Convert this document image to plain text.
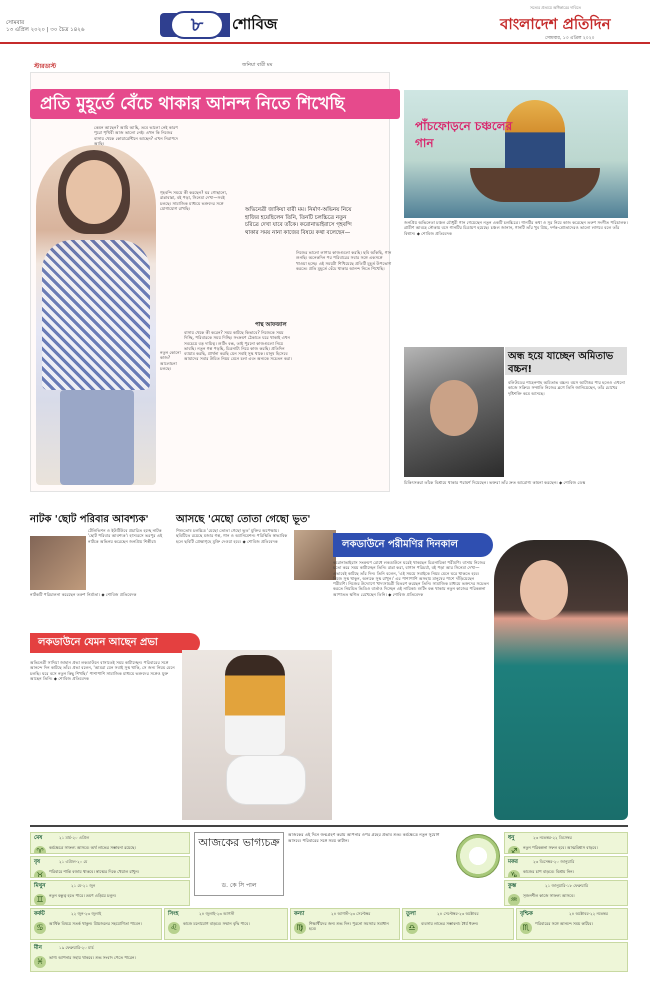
সোমবার
১৩ এপ্রিল ২০২০ | ৩০ চৈত্র ১৪২৬	৮	শোবিজ
সত্যের প্রত্যয়ে অধিকারের দাবিতে
বাংলাদেশ প্রতিদিন
সোমবার, ১৩ এপ্রিল ২০২০
স্টারডাস্ট	জনিয়া বারী মম
প্রতি মুহূর্তে বেঁচে থাকার আনন্দ নিতে শিখেছি
কেমন আছেন? আমি আছি, তবে ভালো নেই কারণ পুরো পৃথিবী আজ ভালো নেই। এখন কি নিজের বাসায় থেকে কোয়ারেন্টিনে আছেন? এখন নিরাপদে আছি।
গৃহবন্দি সময়ে কী করছেন? ঘর গোছানো, রান্নাবান্না, বই পড়া, সিনেমা দেখা—সবই চলছে। সামাজিক মাধ্যমে ভক্তদের সঙ্গে যোগাযোগ রাখছি।
নতুন কোনো কাজ? আলোচনা চলছে।
বাসায় থেকে কী করেন? সময় কাটছে কিভাবে? নিজেকে সময় দিচ্ছি, পরিবারকে সময় দিচ্ছি। সংক্রমণ ঠেকাতে ঘরে থাকাই এখন সবচেয়ে বড় দায়িত্ব। শুটিং বন্ধ, তাই পুরনো কাজগুলো নিয়ে ভাবছি। নতুন গল্প পড়ছি, চিত্রনাট্য নিয়ে কাজ করছি। প্রতিদিন ব্যায়াম করছি, প্রার্থনা করছি যেন সবাই সুস্থ থাকে। মানুষ হিসেবে আমাদের সবার উচিত নিয়ম মেনে চলা এবং অন্যকে সচেতন করা।
নিজের ভালো লাগার কাজগুলো করছি। ছবি আঁকছি, গান শুনছি। অনেকদিন পর পরিবারের সবার সঙ্গে একসঙ্গে খাওয়া হচ্ছে। এই সময়টা শিখিয়েছে প্রতিটি মুহূর্ত উপভোগ করতে। প্রতি মুহূর্তে বেঁচে থাকার আনন্দ নিতে শিখেছি।
অভিনেত্রী জাকিয়া বারী মম। নির্মাণ-অভিনয় নিয়ে হাজির হয়েছিলেন তিনি, তিনটি চলচ্চিত্রে নতুন চরিত্রে দেখা যাবে তাঁকে। করোনাভাইরাসে গৃহবন্দি থাকার সময় নানা কাজের বিষয়ে কথা বলেছেন—
পান্থ আফজাল
পাঁচফোড়নে চঞ্চলের গান
জনপ্রিয় অভিনেতা চঞ্চল চৌধুরী গান গেয়েছেন নতুন একটি চলচ্চিত্রে। গানটির কথা ও সুর নিয়ে কাজ করেছেন তরুণ সংগীত পরিচালক। গ্রামীণ আবহে নৌকায় বসে গানটির চিত্রায়ণ হয়েছে। চঞ্চল জানান, গানটি তাঁর খুব প্রিয়, দর্শক-শ্রোতাদেরও ভালো লাগবে বলে তাঁর বিশ্বাস। ◆ শোবিজ প্রতিবেদক
অন্ধ হয়ে যাচ্ছেন অমিতাভ বচ্চন!
বলিউডের শাহেনশাহ অমিতাভ বচ্চন। বয়স আটাত্তর পার হলেও এখনো কাজে সক্রিয়। সম্প্রতি নিজের ব্লগে তিনি জানিয়েছেন, তাঁর চোখের দৃষ্টিশক্তি কমে আসছে।
চিকিৎসকরা তাঁকে বিশ্রামে থাকার পরামর্শ দিয়েছেন। ভক্তরা তাঁর দ্রুত আরোগ্য কামনা করছেন। ◆ শোবিজ ডেস্ক
নাটক 'ছোট পরিবার আবশ্যক'
টেলিভিশন ও ইউটিউবে প্রচারিত হচ্ছে নাটক 'ছোট পরিবার আবশ্যক'। হাস্যরসে ভরপুর এই নাটকে অভিনয় করেছেন জনপ্রিয় শিল্পীরা।
নাটকটি পরিচালনা করেছেন তরুণ নির্মাতা। ◆ শোবিজ প্রতিবেদক
আসছে 'মেছো তোতা গেছো ভূত'
শিশুতোষ চলচ্চিত্র 'মেছো তোতা গেছো ভূত' মুক্তির অপেক্ষায়। ছবিটিতে রয়েছে মজার গল্প, গান ও অ্যানিমেশন। পরিস্থিতি স্বাভাবিক হলে ছবিটি প্রেক্ষাগৃহে মুক্তি দেওয়া হবে। ◆ শোবিজ প্রতিবেদক	লকডাউনে পরীমণির দিনকাল
করোনাভাইরাস সংক্রমণ রোধে লকডাউনে ঘরেই থাকছেন চিত্রনায়িকা পরীমণি। বাসায় নিজের মতো করে সময় কাটাচ্ছেন তিনি। রান্না করা, বাগান পরিচর্যা, বই পড়া আর সিনেমা দেখা—এভাবেই কাটছে তাঁর দিন। তিনি বলেন, 'এই সময়ে সবাইকে নিয়ম মেনে ঘরে থাকতে হবে। নিজে সুস্থ থাকুন, অন্যকে সুস্থ রাখুন।' এর পাশাপাশি অসহায় মানুষের পাশে দাঁড়িয়েছেন পরীমণি। নিজের উদ্যোগে খাদ্যসামগ্রী বিতরণ করছেন তিনি। সামাজিক মাধ্যমে ভক্তদের সচেতন করতে নিয়মিত ভিডিও বার্তাও দিচ্ছেন এই নায়িকা। শুটিং বন্ধ থাকায় নতুন কাজের পরিকল্পনা আপাতত স্থগিত রেখেছেন তিনি। ◆ শোবিজ প্রতিবেদক
লকডাউনে যেমন আছেন প্রভা
অভিনেত্রী সাদিয়া জাহান প্রভা লকডাউনে বাসাতেই সময় কাটাচ্ছেন। পরিবারের সঙ্গে আনন্দে দিন কাটছে তাঁর। প্রভা বলেন, 'আমরা যেন সবাই সুস্থ থাকি, সে জন্য নিয়ম মেনে চলছি। ঘরে বসে নতুন কিছু শিখছি।' পাশাপাশি সামাজিক মাধ্যমে ভক্তদের সঙ্গেও যুক্ত আছেন তিনি। ◆ শোবিজ প্রতিবেদক
আজকের ভাগ্যচক্র
ড. কে সি পাল
আজকের এই দিনে জন্মগ্রহণ করায় আপনার ওপর গ্রহের প্রভাব শুভ। কর্মক্ষেত্রে নতুন সুযোগ আসবে। পরিবারের সঙ্গে সময় কাটান।
মেষ	২১ মার্চ-২০ এপ্রিল
♈	কর্মক্ষেত্রে সাফল্য আসবে। অর্থ লাভের সম্ভাবনা রয়েছে।
বৃষ	২১ এপ্রিল-২০ মে
♉	পরিবারে শান্তি বজায় থাকবে। স্বাস্থ্যের দিকে খেয়াল রাখুন।
মিথুন	২১ মে-২১ জুন
♊	নতুন বন্ধুত্ব হতে পারে। ভ্রমণ এড়িয়ে চলুন।
কর্কট	২২ জুন-২৩ জুলাই
♋	আর্থিক বিষয়ে সতর্ক থাকুন। প্রিয়জনের সহযোগিতা পাবেন।
সিংহ	২৪ জুলাই-২৩ আগস্ট
♌	কাজে মনোযোগ বাড়বে। সম্মান বৃদ্ধি পাবে।
কন্যা	২৪ আগস্ট-২৩ সেপ্টেম্বর
♍	শিক্ষার্থীদের জন্য শুভ দিন। পুরনো সমস্যার সমাধান হবে।
তুলা	২৪ সেপ্টেম্বর-২৩ অক্টোবর
♎	ব্যবসায় লাভের সম্ভাবনা। ধৈর্য ধরুন।
বৃশ্চিক	২৪ অক্টোবর-২২ নভেম্বর
♏	পরিবারের সঙ্গে আনন্দে সময় কাটবে।
ধনু	২৩ নভেম্বর-২২ ডিসেম্বর
♐	নতুন পরিকল্পনা সফল হবে। আত্মবিশ্বাস বাড়বে।
মকর	২৩ ডিসেম্বর-২০ জানুয়ারি
♑	কাজের চাপ বাড়বে। বিশ্রাম নিন।
কুম্ভ	২১ জানুয়ারি-১৮ ফেব্রুয়ারি
♒	সৃজনশীল কাজে সাফল্য আসবে।
মীন	১৯ ফেব্রুয়ারি-২০ মার্চ
♓	ভাগ্য আপনার সহায় থাকবে। শুভ সংবাদ পেতে পারেন।
